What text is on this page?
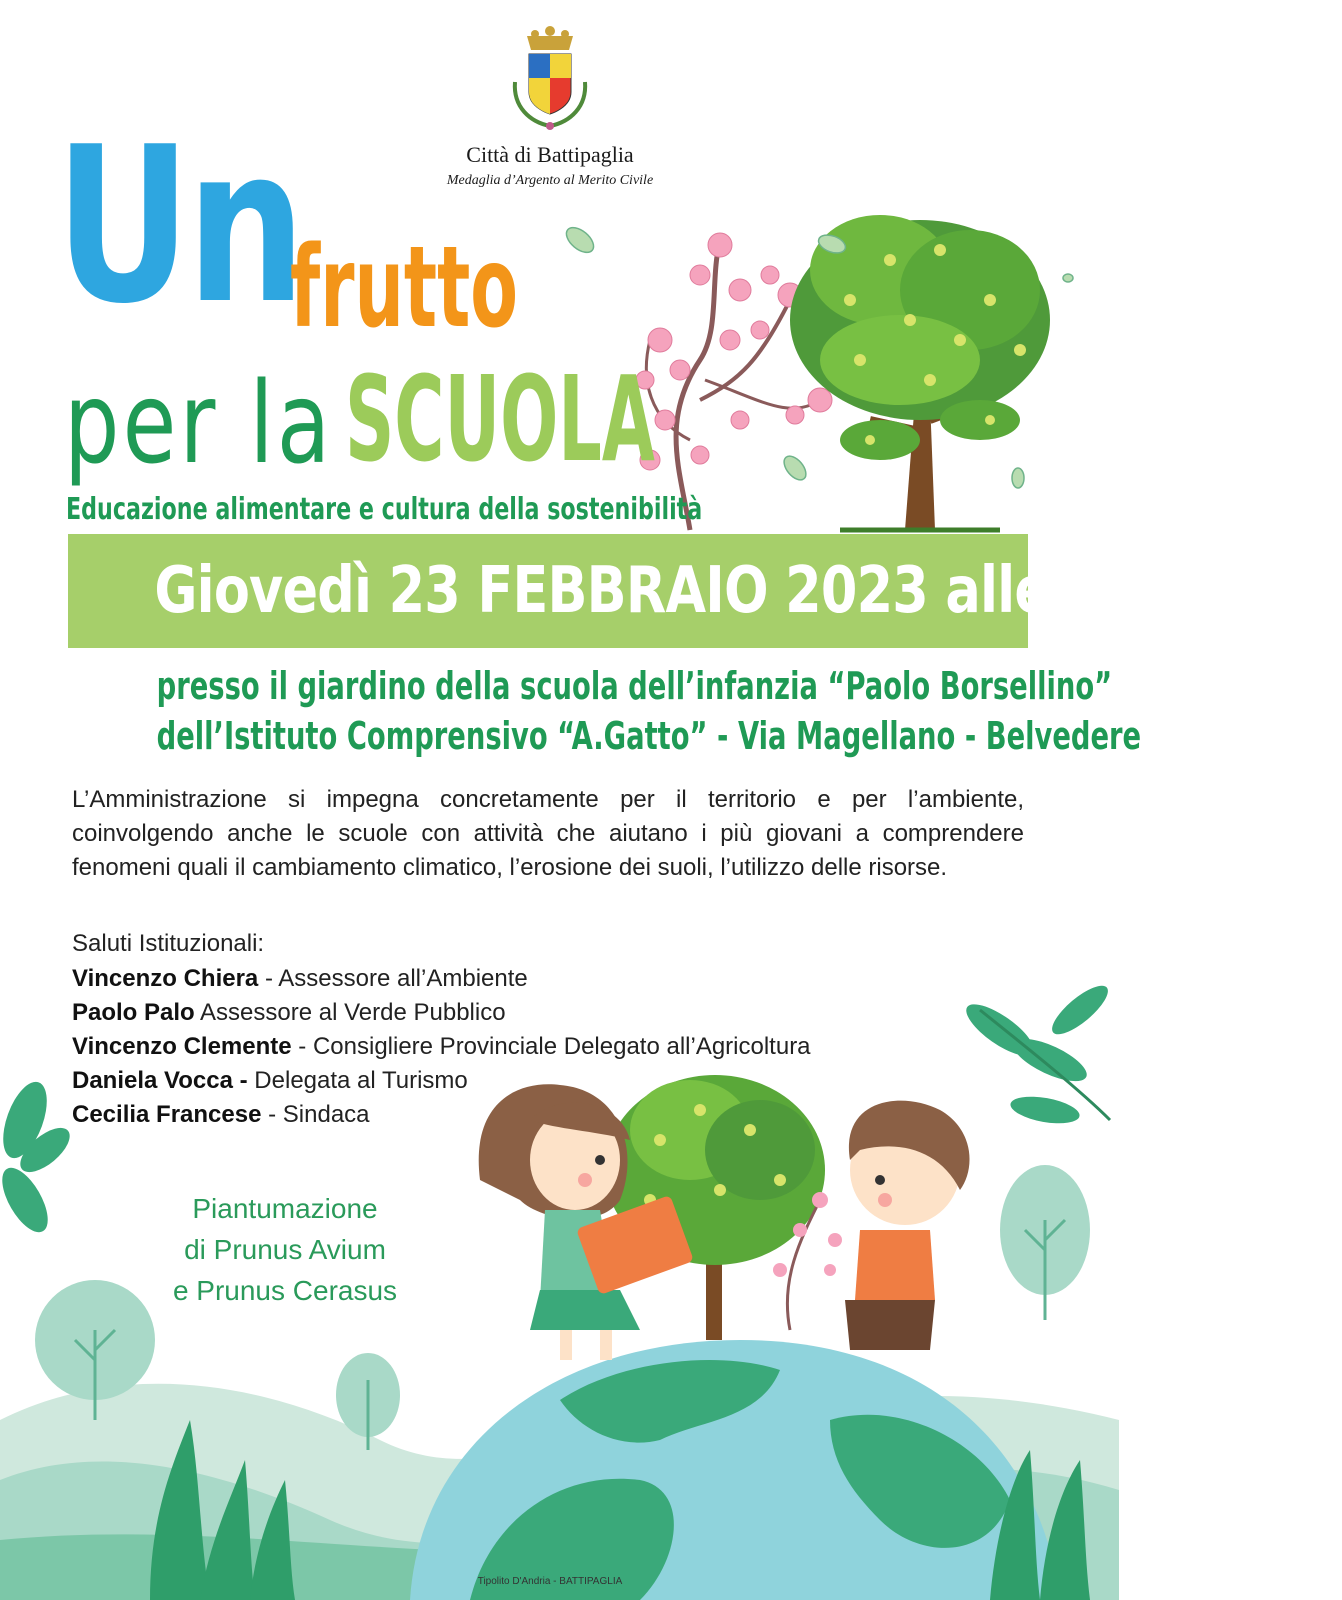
Città di Battipaglia
Medaglia d’Argento al Merito Civile
Un
frutto
per la SCUOLA
Educazione alimentare e cultura della sostenibilità
Giovedì 23 FEBBRAIO 2023 alle ore 11:00
presso il giardino della scuola dell’infanzia “Paolo Borsellino”
dell’Istituto Comprensivo “A.Gatto” - Via Magellano - Belvedere

L’Amministrazione si impegna concretamente per il territorio e per l’ambiente, coinvolgendo anche le scuole con attività che aiutano i più giovani a comprendere fenomeni quali il cambiamento climatico, l’erosione dei suoli, l’utilizzo delle risorse.

Saluti Istituzionali:
Vincenzo Chiera - Assessore all’Ambiente
Paolo Palo Assessore al Verde Pubblico
Vincenzo Clemente - Consigliere Provinciale Delegato all’Agricoltura
Daniela Vocca - Delegata al Turismo
Cecilia Francese - Sindaca
Piantumazione
di Prunus Avium
e Prunus Cerasus
Tipolito D'Andria - BATTIPAGLIA
